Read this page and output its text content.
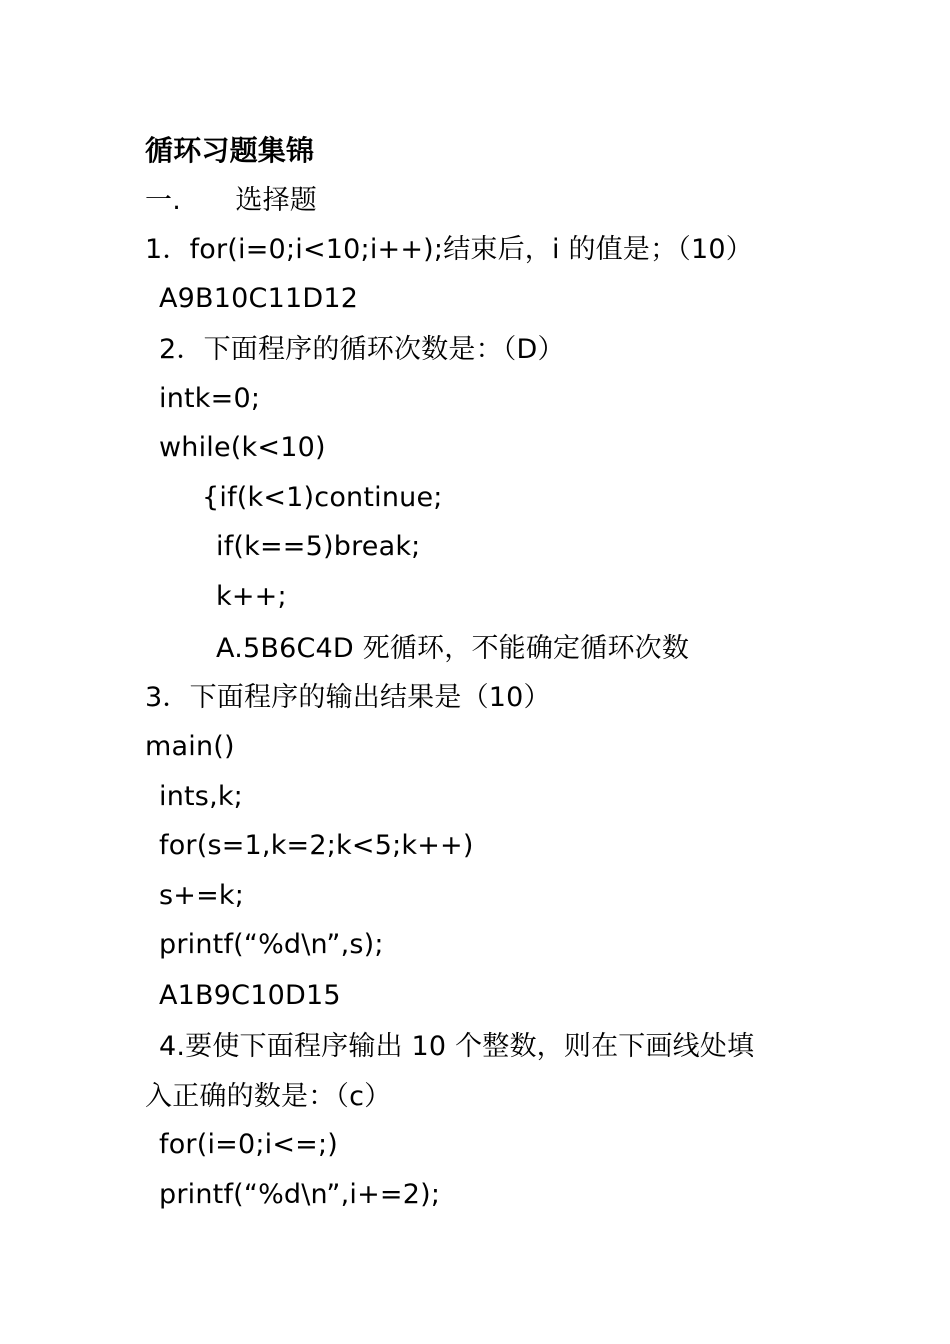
循环习题集锦
一.　　选择题
1．for(i=0;i<10;i++);结束后，i 的值是；（10）
A9B10C11D12
2．下面程序的循环次数是：（D）
intk=0;
while(k<10)
{if(k<1)continue;
if(k==5)break;
k++;
A.5B6C4D 死循环，不能确定循环次数
3．下面程序的输出结果是（10）
main()
ints,k;
for(s=1,k=2;k<5;k++)
s+=k;
printf(“%d\n”,s);
A1B9C10D15
4.要使下面程序输出 10 个整数，则在下画线处填
入正确的数是：（c）
for(i=0;i<=;)
printf(“%d\n”,i+=2);
